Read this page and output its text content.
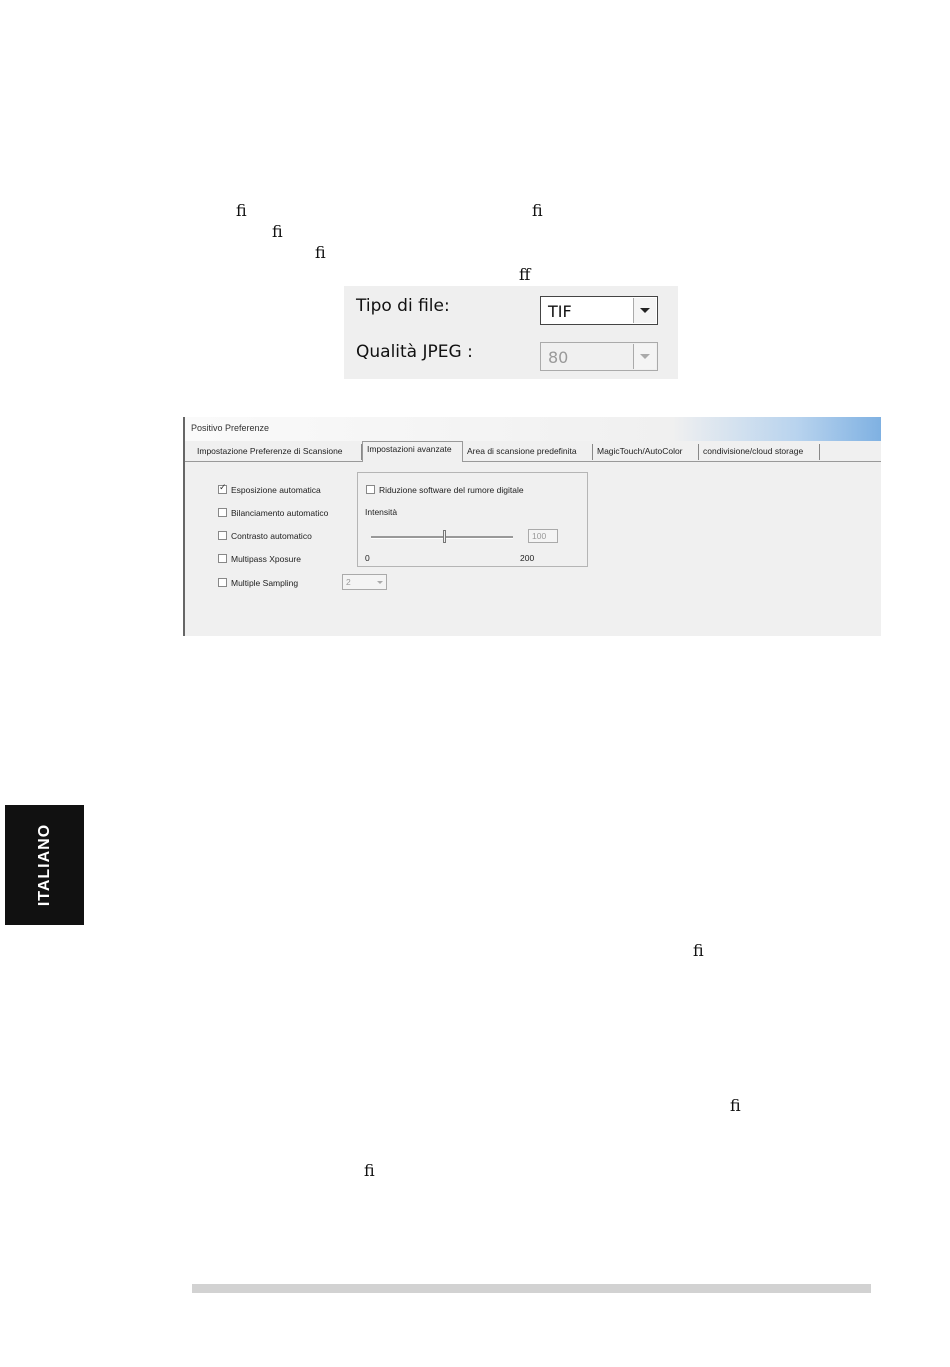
ﬁ	ﬁ
ﬁ
ﬁ
ﬀ
ﬁ
ﬁ
ﬁ
Tipo di file:	TIF
Qualità JPEG :	80
Positivo Preferenze
Impostazione Preferenze di Scansione	Impostazioni avanzate	Area di scansione predefinita	MagicTouch/AutoColor	condivisione/cloud storage
✓
Esposizione automatica
Bilanciamento automatico
Contrasto automatico
Multipass Xposure
Multiple Sampling	2
Riduzione software del rumore digitale
Intensità
100
0	200
ITALIANO
